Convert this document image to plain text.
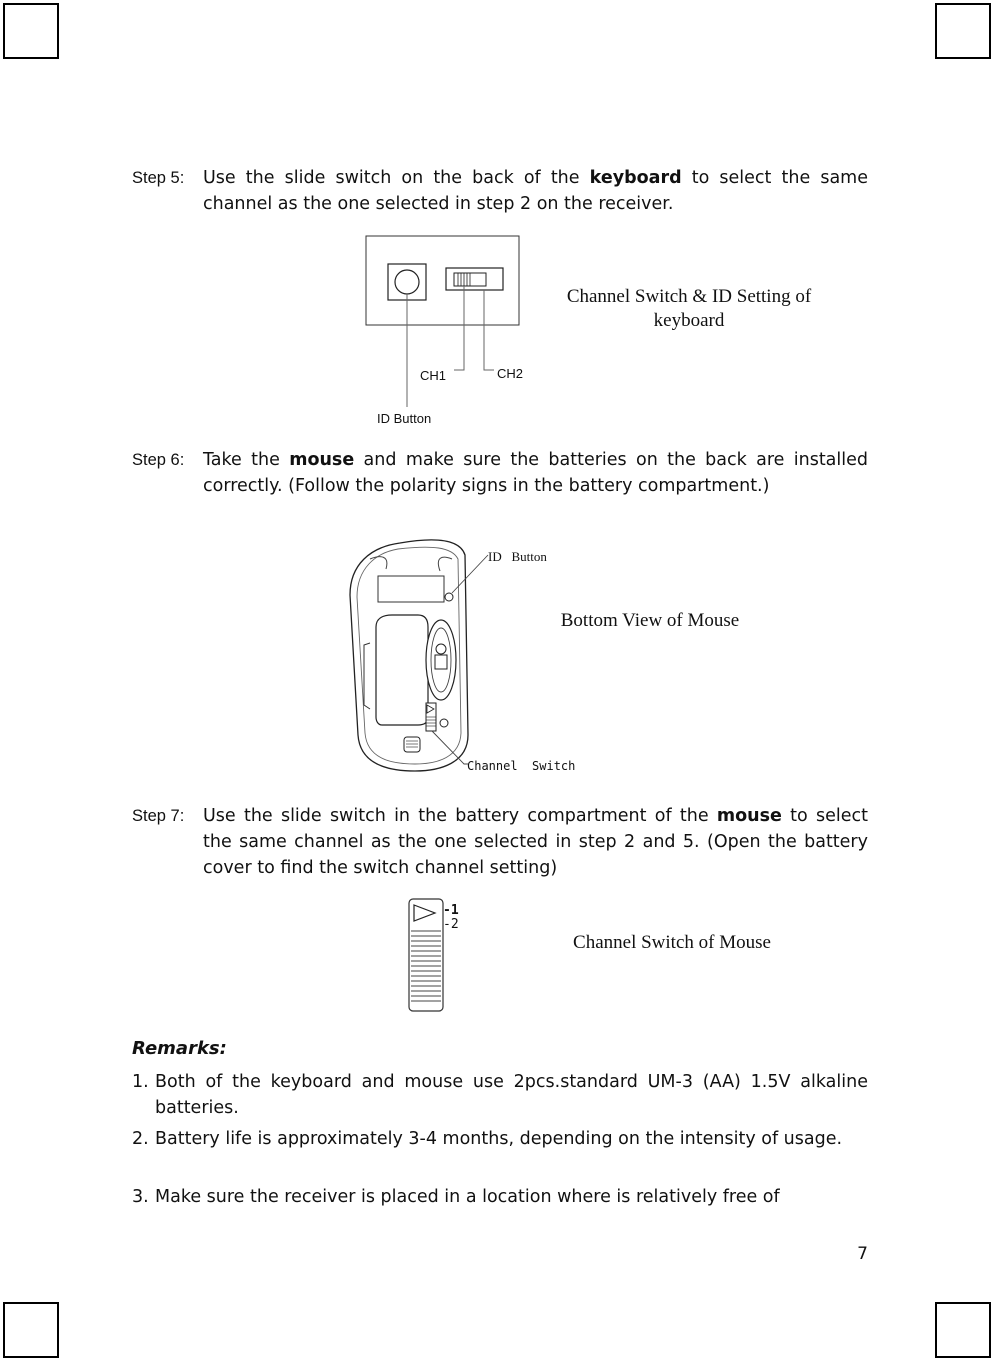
Step 5: Use the slide switch on the back of the keyboard to select the same channel as the one selected in step 2 on the receiver.
CH1	CH2
ID Button
Channel Switch & ID Setting of
keyboard
Step 6: Take the mouse and make sure the batteries on the back are installed correctly. (Follow the polarity signs in the battery compartment.)
ID   Button
Channel  Switch
Bottom View of Mouse
Step 7: Use the slide switch in the battery compartment of the mouse to select the same channel as the one selected in step 2 and 5. (Open the battery cover to find the switch channel setting)
-1
-2
Channel Switch of Mouse
Remarks:
1. Both of the keyboard and mouse use 2pcs.standard UM-3 (AA) 1.5V alkaline batteries.
2. Battery life is approximately 3-4 months, depending on the intensity of usage.
3. Make sure the receiver is placed in a location where is relatively free of
7
